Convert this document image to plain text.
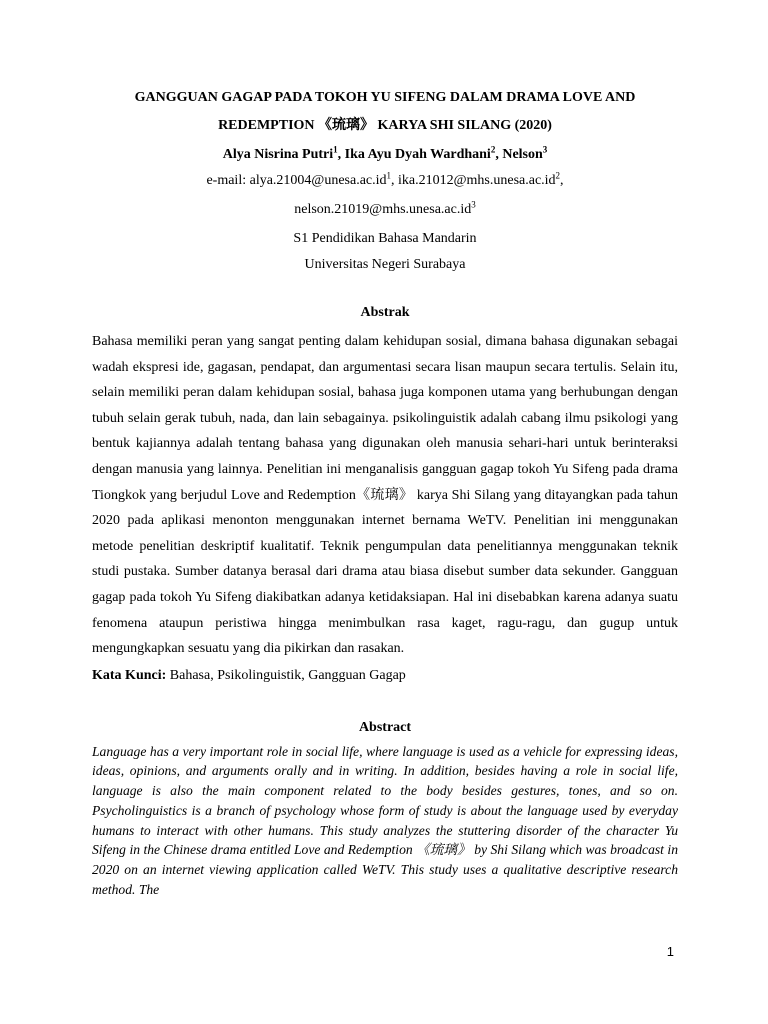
GANGGUAN GAGAP PADA TOKOH YU SIFENG DALAM DRAMA LOVE AND
REDEMPTION 《琉璃》 KARYA SHI SILANG (2020)
Alya Nisrina Putri$^1$, Ika Ayu Dyah Wardhani$^2$, Nelson$^3$
e-mail: $alya.21004@unesa.ac.id^1$, $ika.21012@mhs.unesa.ac.id^2$,
$nelson.21019@mhs.unesa.ac.id^3$
S1 Pendidikan Bahasa Mandarin
Universitas Negeri Surabaya
Abstrak
Bahasa memiliki peran yang sangat penting dalam kehidupan sosial, dimana bahasa digunakan sebagai wadah ekspresi ide, gagasan, pendapat, dan argumentasi secara lisan maupun secara tertulis. Selain itu, selain memiliki peran dalam kehidupan sosial, bahasa juga komponen utama yang berhubungan dengan tubuh selain gerak tubuh, nada, dan lain sebagainya. psikolinguistik adalah cabang ilmu psikologi yang bentuk kajiannya adalah tentang bahasa yang digunakan oleh manusia sehari-hari untuk berinteraksi dengan manusia yang lainnya. Penelitian ini menganalisis gangguan gagap tokoh Yu Sifeng pada drama Tiongkok yang berjudul Love and Redemption《琉璃》 karya Shi Silang yang ditayangkan pada tahun 2020 pada aplikasi menonton menggunakan internet bernama WeTV. Penelitian ini menggunakan metode penelitian deskriptif kualitatif. Teknik pengumpulan data penelitiannya menggunakan teknik studi pustaka. Sumber datanya berasal dari drama atau biasa disebut sumber data sekunder. Gangguan gagap pada tokoh Yu Sifeng diakibatkan adanya ketidaksiapan. Hal ini disebabkan karena adanya suatu fenomena ataupun peristiwa hingga menimbulkan rasa kaget, ragu-ragu, dan gugup untuk mengungkapkan sesuatu yang dia pikirkan dan rasakan.
Kata Kunci: Bahasa, Psikolinguistik, Gangguan Gagap
Abstract
Language has a very important role in social life, where language is used as a vehicle for expressing ideas, ideas, opinions, and arguments orally and in writing. In addition, besides having a role in social life, language is also the main component related to the body besides gestures, tones, and so on. Psycholinguistics is a branch of psychology whose form of study is about the language used by everyday humans to interact with other humans. This study analyzes the stuttering disorder of the character Yu Sifeng in the Chinese drama entitled Love and Redemption 《琉璃》 by Shi Silang which was broadcast in 2020 on an internet viewing application called WeTV. This study uses a qualitative descriptive research method. The
1
